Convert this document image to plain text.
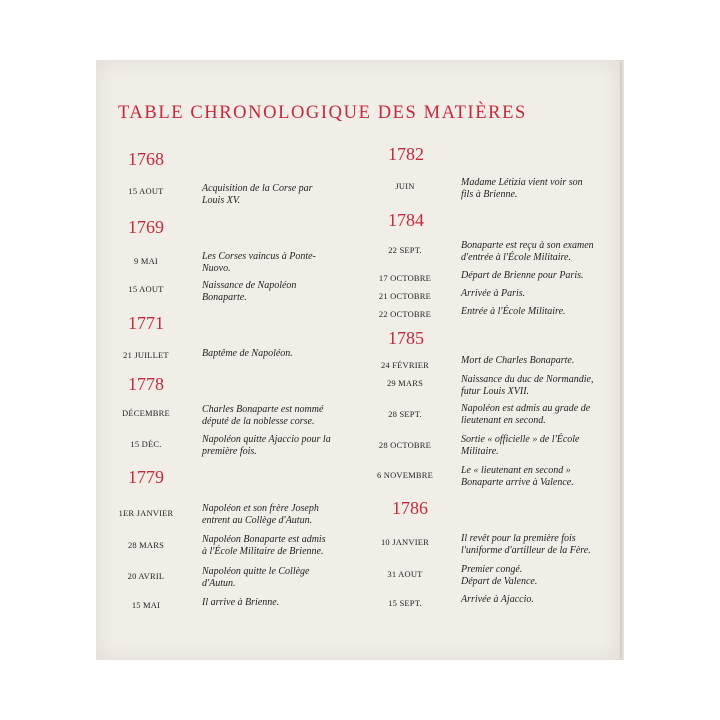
TABLE CHRONOLOGIQUE DES MATIÈRES
1768
15 AOUT	Acquisition de la Corse par
Louis XV.
1769
9 MAI	Les Corses vaincus à Ponte-
Nuovo.
15 AOUT	Naissance de Napoléon
Bonaparte.
1771
21 JUILLET	Baptême de Napoléon.
1778
DÉCEMBRE	Charles Bonaparte est nommé
député de la noblesse corse.
15 DÉC.	Napoléon quitte Ajaccio pour la
première fois.
1779
1ER JANVIER	Napoléon et son frère Joseph
entrent au Collège d'Autun.
28 MARS	Napoléon Bonaparte est admis
à l'École Militaire de Brienne.
20 AVRIL	Napoléon quitte le Collège
d'Autun.
15 MAI	Il arrive à Brienne.
1782
JUIN	Madame Létizia vient voir son
fils à Brienne.
1784
22 SEPT.	Bonaparte est reçu à son examen
d'entrée à l'École Militaire.
17 OCTOBRE	Départ de Brienne pour Paris.
21 OCTOBRE	Arrivée à Paris.
22 OCTOBRE	Entrée à l'École Militaire.
1785
24 FÉVRIER	Mort de Charles Bonaparte.
29 MARS	Naissance du duc de Normandie,
futur Louis XVII.
28 SEPT.	Napoléon est admis au grade de
lieutenant en second.
28 OCTOBRE	Sortie « officielle » de l'École
Militaire.
6 NOVEMBRE	Le « lieutenant en second »
Bonaparte arrive à Valence.
1786
10 JANVIER	Il revêt pour la première fois
l'uniforme d'artilleur de la Fère.
31 AOUT	Premier congé.
Départ de Valence.
15 SEPT.	Arrivée à Ajaccio.
